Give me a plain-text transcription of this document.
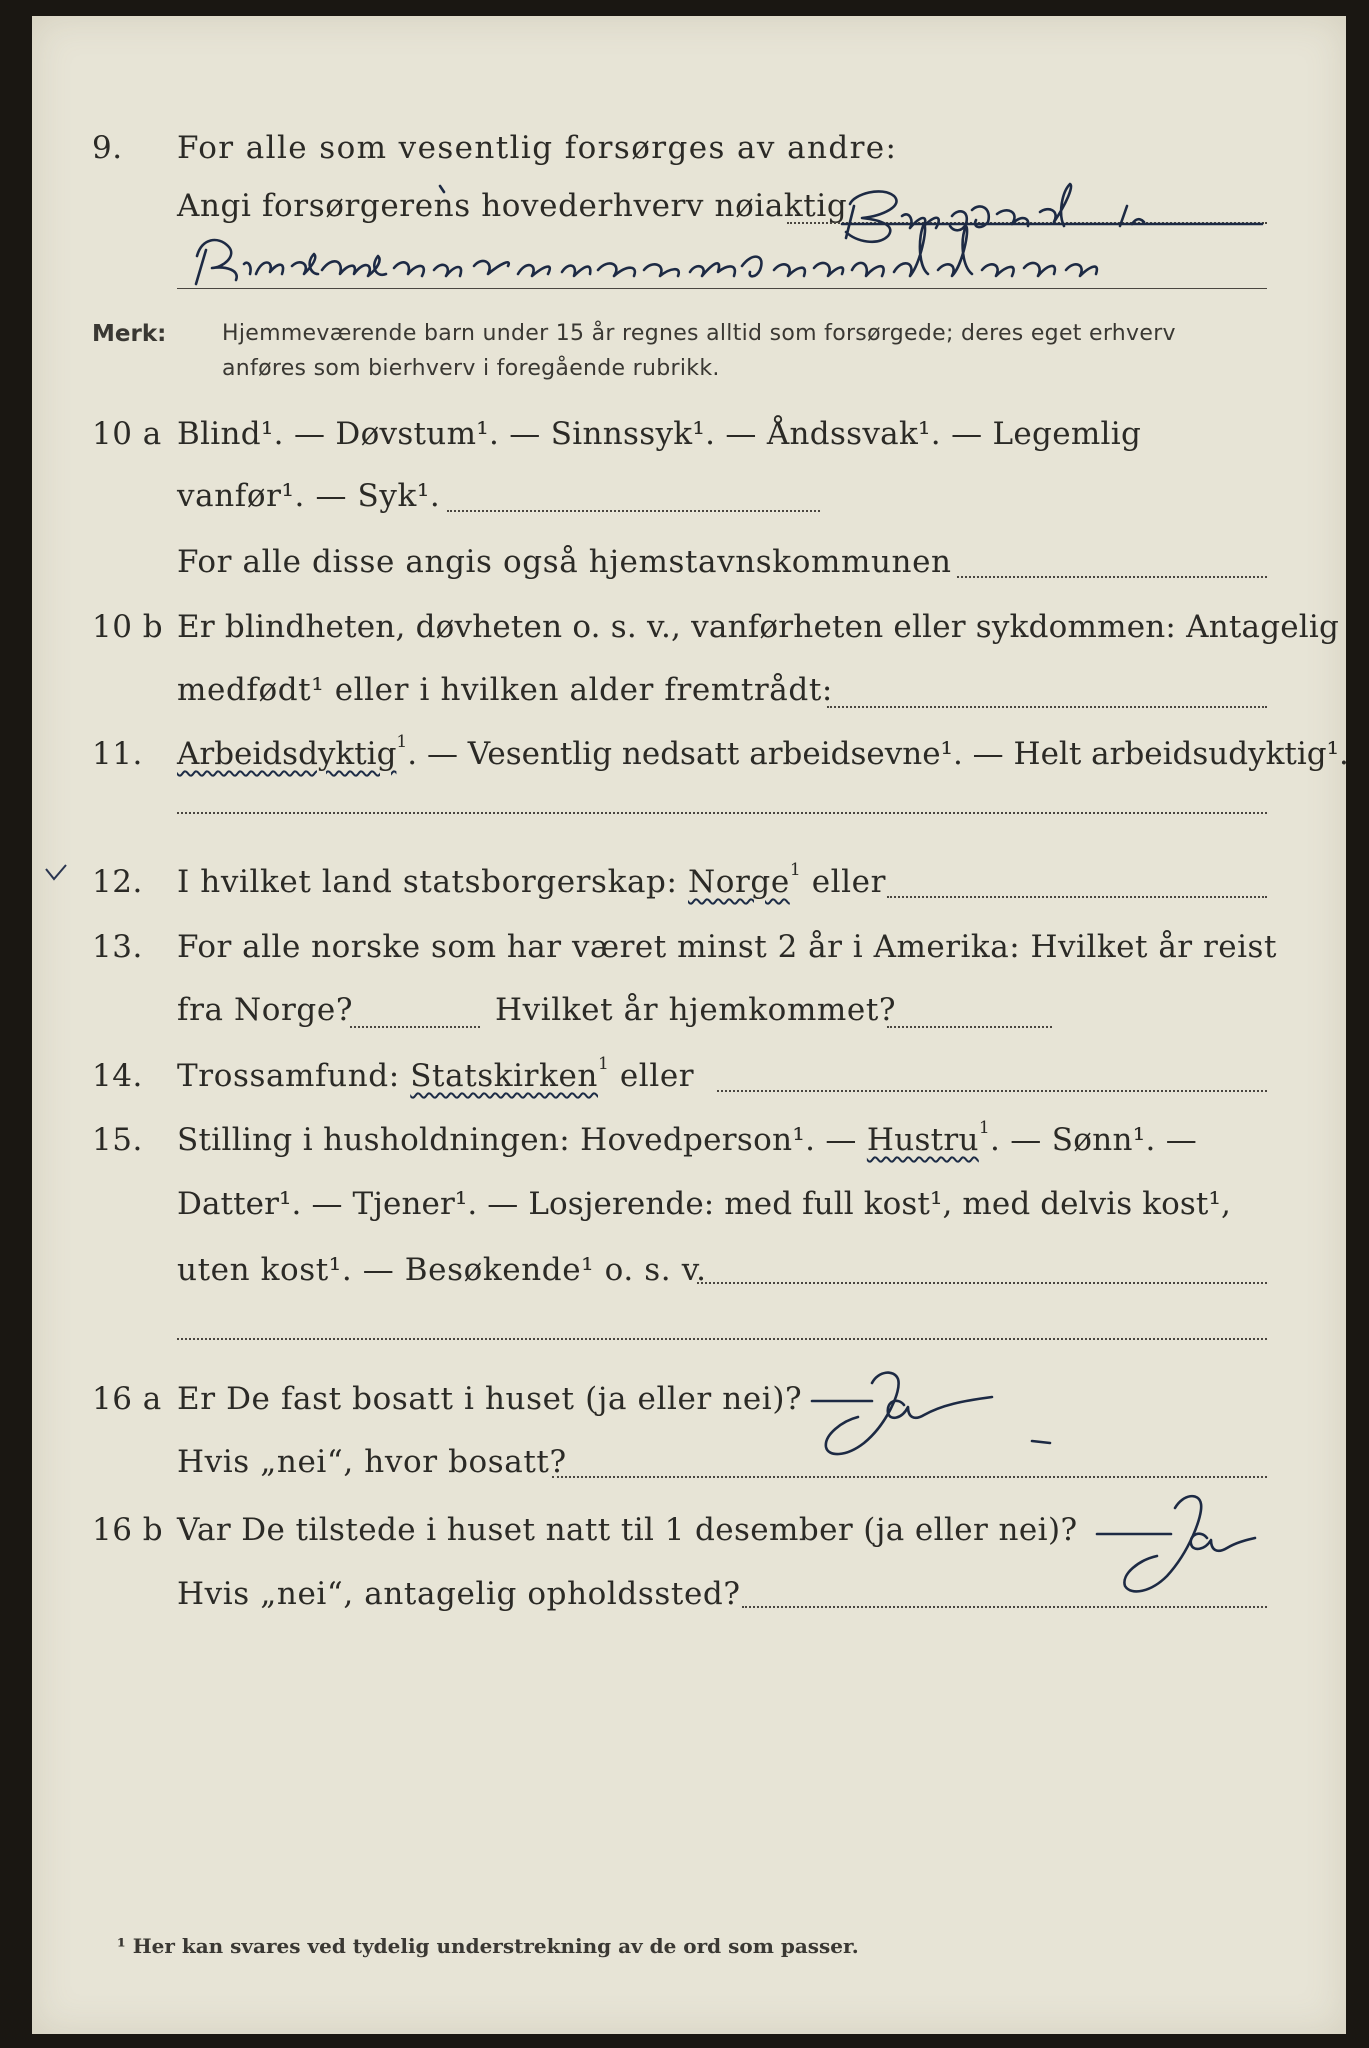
9. For alle som vesentlig forsørges av andre:
Angi forsørgerens hovederhverv nøiaktig
Merk:	Hjemmeværende barn under 15 år regnes alltid som forsørgede; deres eget erhverv
anføres som bierhverv i foregående rubrikk.
10 a Blind¹. — Døvstum¹. — Sinnssyk¹. — Åndssvak¹. — Legemlig
vanfør¹. — Syk¹.
For alle disse angis også hjemstavnskommunen
10 b Er blindheten, døvheten o. s. v., vanførheten eller sykdommen: Antagelig
medfødt¹ eller i hvilken alder fremtrådt:
11. Arbeidsdyktig$^1$. — Vesentlig nedsatt arbeidsevne¹. — Helt arbeidsudyktig¹.
12. I hvilket land statsborgerskap: Norge$^1$ eller
13. For alle norske som har været minst 2 år i Amerika: Hvilket år reist
fra Norge?	Hvilket år hjemkommet?
14. Trossamfund: Statskirken$^1$ eller
15. Stilling i husholdningen: Hovedperson¹. — Hustru$^1$. — Sønn¹. —
Datter¹. — Tjener¹. — Losjerende: med full kost¹, med delvis kost¹,
uten kost¹. — Besøkende¹ o. s. v.
16 a Er De fast bosatt i huset (ja eller nei)?
Hvis „nei“, hvor bosatt?
16 b Var De tilstede i huset natt til 1 desember (ja eller nei)?
Hvis „nei“, antagelig opholdssted?
¹ Her kan svares ved tydelig understrekning av de ord som passer.
